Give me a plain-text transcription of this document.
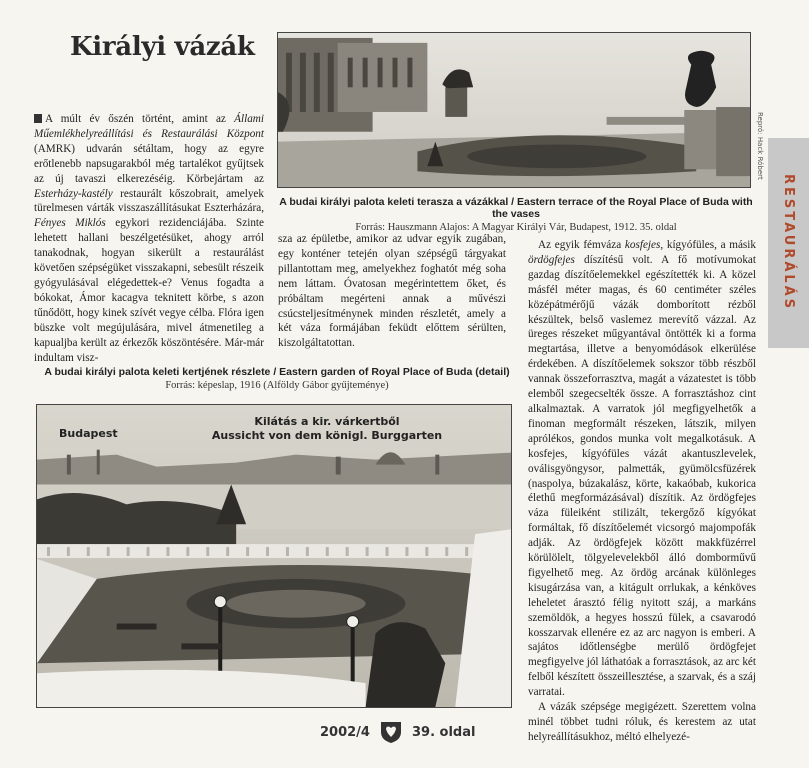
Királyi vázák
Repró: Hack Róbert
RESTAURÁLÁS
A budai királyi palota keleti terasza a vázákkal / Eastern terrace of the Royal Place of Buda with the vases
Forrás: Hauszmann Alajos: A Magyar Királyi Vár, Budapest, 1912. 35. oldal

A múlt év őszén történt, amint az Állami Műemlékhelyreállítási és Restaurálási Központ (AMRK) udvarán sétáltam, hogy az egyre erőtlenebb napsugarakból még tartalékot gyűjtsek az új tavaszi elkerezéséig. Körbejártam az Esterházy-kastély restaurált kőszobrait, amelyek türelmesen várták visszaszállításukat Eszterházára, Fényes Miklós egykori rezidenciájába. Szinte lehetett hallani beszélgetésüket, ahogy arról tanakodnak, hogyan sikerült a restaurálást követően szépségüket visszakapni, sebesült részeik gyógyulásával elégedettek-e? Venus fogadta a bókokat, Ámor kacagva teknitett körbe, s azon tűnődött, hogy kinek szívét vegye célba. Flóra igen büszke volt megújulására, mivel átmenetileg a kapualjba került az érkezők köszöntésére. Már-már indultam visz-

sza az épületbe, amikor az udvar egyik zugában, egy konténer tetején olyan szépségű tárgyakat pillantottam meg, amelyekhez foghatót még soha nem láttam. Óvatosan megérintettem őket, és próbáltam megérteni annak a művészi csúcsteljesítménynek minden részletét, amely a két váza formájában feküdt előttem sérülten, kiszolgáltatottan.

A budai királyi palota keleti kertjének részlete / Eastern garden of Royal Place of Buda (detail)
Forrás: képeslap, 1916 (Alföldy Gábor gyűjteménye)
Budapest
Kilátás a kir. várkertből
Aussicht von dem königl. Burggarten

Az egyik fémváza kosfejes, kígyófüles, a másik ördögfejes díszítésű volt. A fő motívumokat gazdag díszítőelemekkel egészítették ki. A közel másfél méter magas, és 60 centiméter széles középátmérőjű vázák domborított rézből készültek, belső vaslemez merevítő vázzal. Az üreges részeket műgyantával öntötték ki a forma megtartása, illetve a benyomódások elkerülése érdekében. A díszítőelemek sokszor több részből vannak összeforrasztva, magát a vázatestet is több elemből szegecselték össze. A forrasztáshoz cint alkalmaztak. A varratok jól megfigyelhetők a finoman megformált részeken, látszik, milyen aprólékos, gondos munka volt megalkotásuk. A kosfejes, kígyófüles vázát akantuszlevelek, oválisgyöngysor, palmetták, gyümölcsfüzérek (naspolya, búzakalász, körte, kakaóbab, kukorica élethű megformázásával) díszítik. Az ördögfejes váza füleiként stilizált, tekergőző kígyókat formáltak, fő díszítőelemét vicsorgó majompofák adják. Az ördögfejek között makkfüzérrel körülölelt, tölgyelevelekből álló domborművű figyelhető meg. Az ördög arcának különleges kisugárzása van, a kitágult orrlukak, a kénköves leheletet árasztó félig nyitott száj, a markáns szemöldök, a hegyes hosszú fülek, a csavarodó kosszarvak ellenére ez az arc nagyon is emberi. A sajátos időtlenségbe merülő ördögfejet megfigyelve jól láthatóak a forrasztások, az arc két felből készített összeillesztése, a szarvak, és a száj varratai.

A vázák szépsége megigézett. Szerettem volna minél többet tudni róluk, és kerestem az utat helyreállításukhoz, méltó elhelyezé-

2002/4	39. oldal
